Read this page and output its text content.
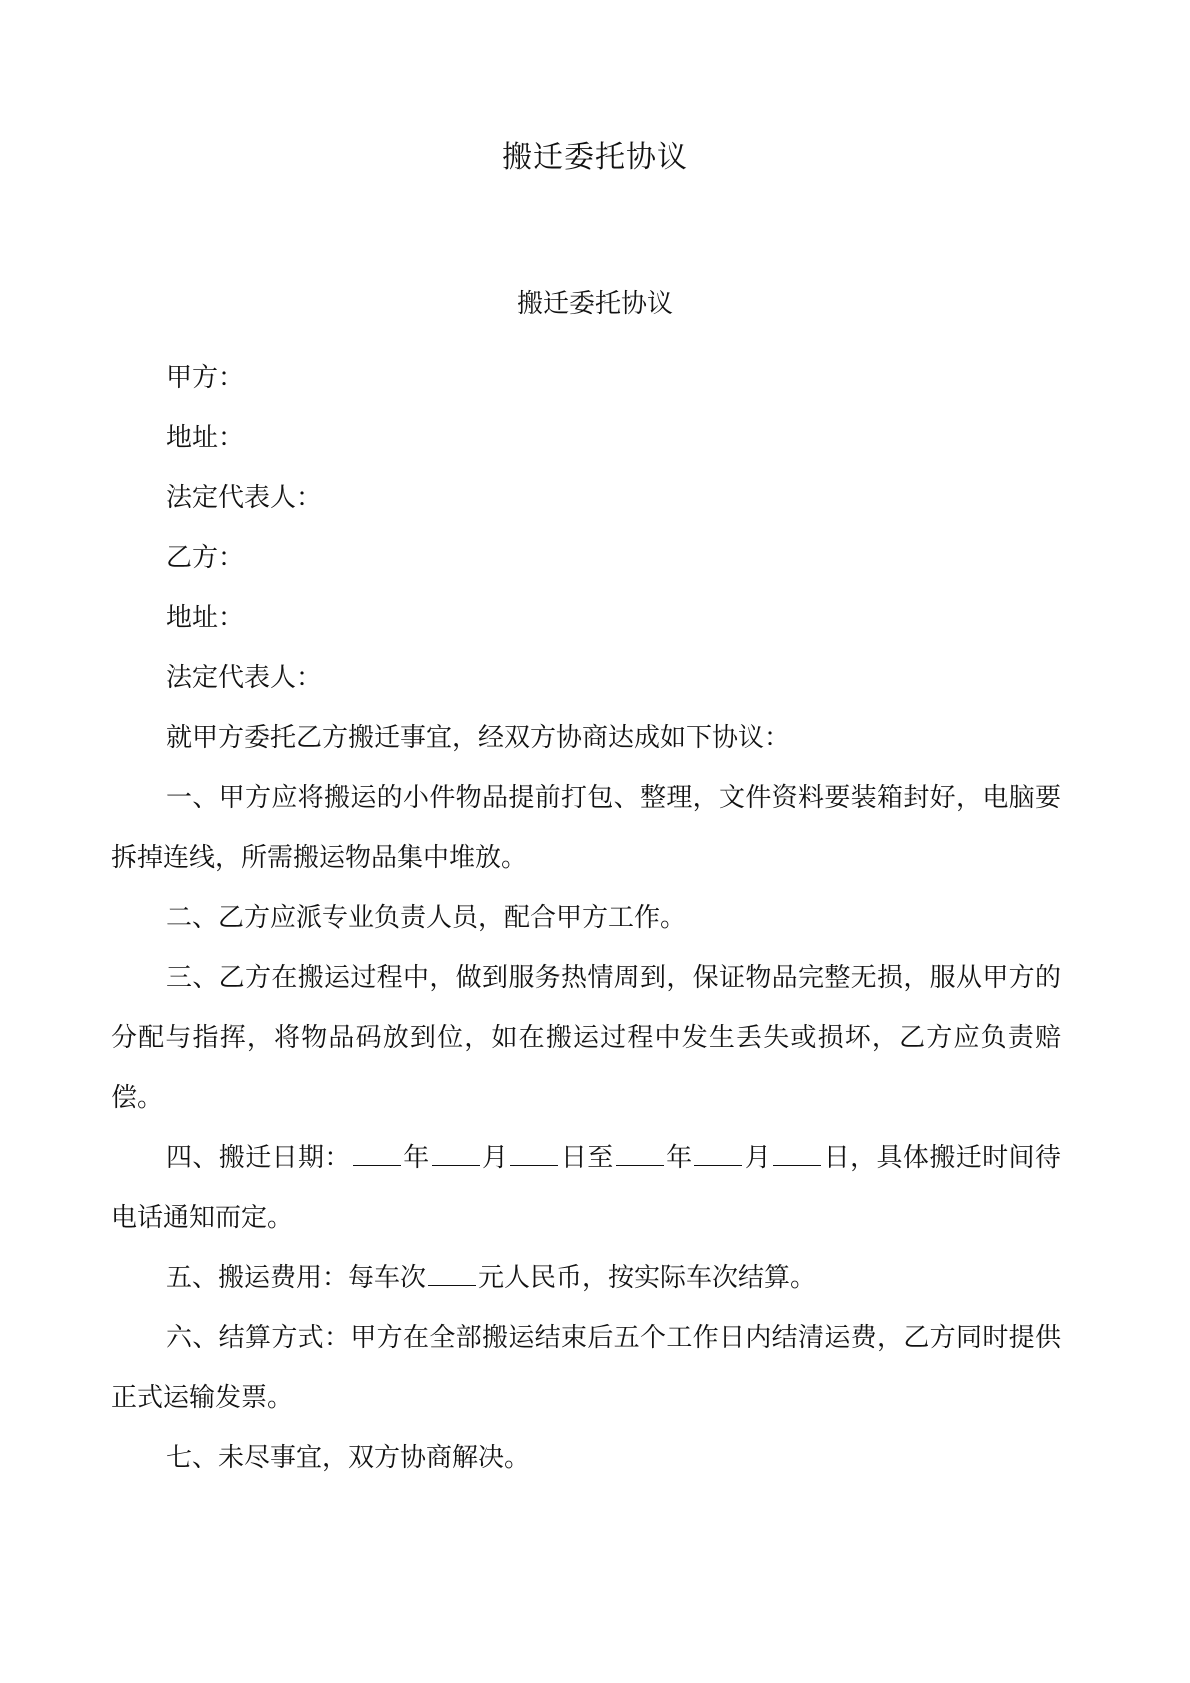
搬迁委托协议
搬迁委托协议

甲方：

地址：

法定代表人：

乙方：

地址：

法定代表人：

就甲方委托乙方搬迁事宜，经双方协商达成如下协议：

一、甲方应将搬运的小件物品提前打包、整理，文件资料要装箱封好，电脑要拆掉连线，所需搬运物品集中堆放。

二、乙方应派专业负责人员，配合甲方工作。

三、乙方在搬运过程中，做到服务热情周到，保证物品完整无损，服从甲方的分配与指挥，将物品码放到位，如在搬运过程中发生丢失或损坏，乙方应负责赔偿。

四、搬迁日期： 年 月 日至 年 月 日，具体搬迁时间待电话通知而定。

五、搬运费用：每车次 元人民币，按实际车次结算。

六、结算方式：甲方在全部搬运结束后五个工作日内结清运费，乙方同时提供正式运输发票。

七、未尽事宜，双方协商解决。
